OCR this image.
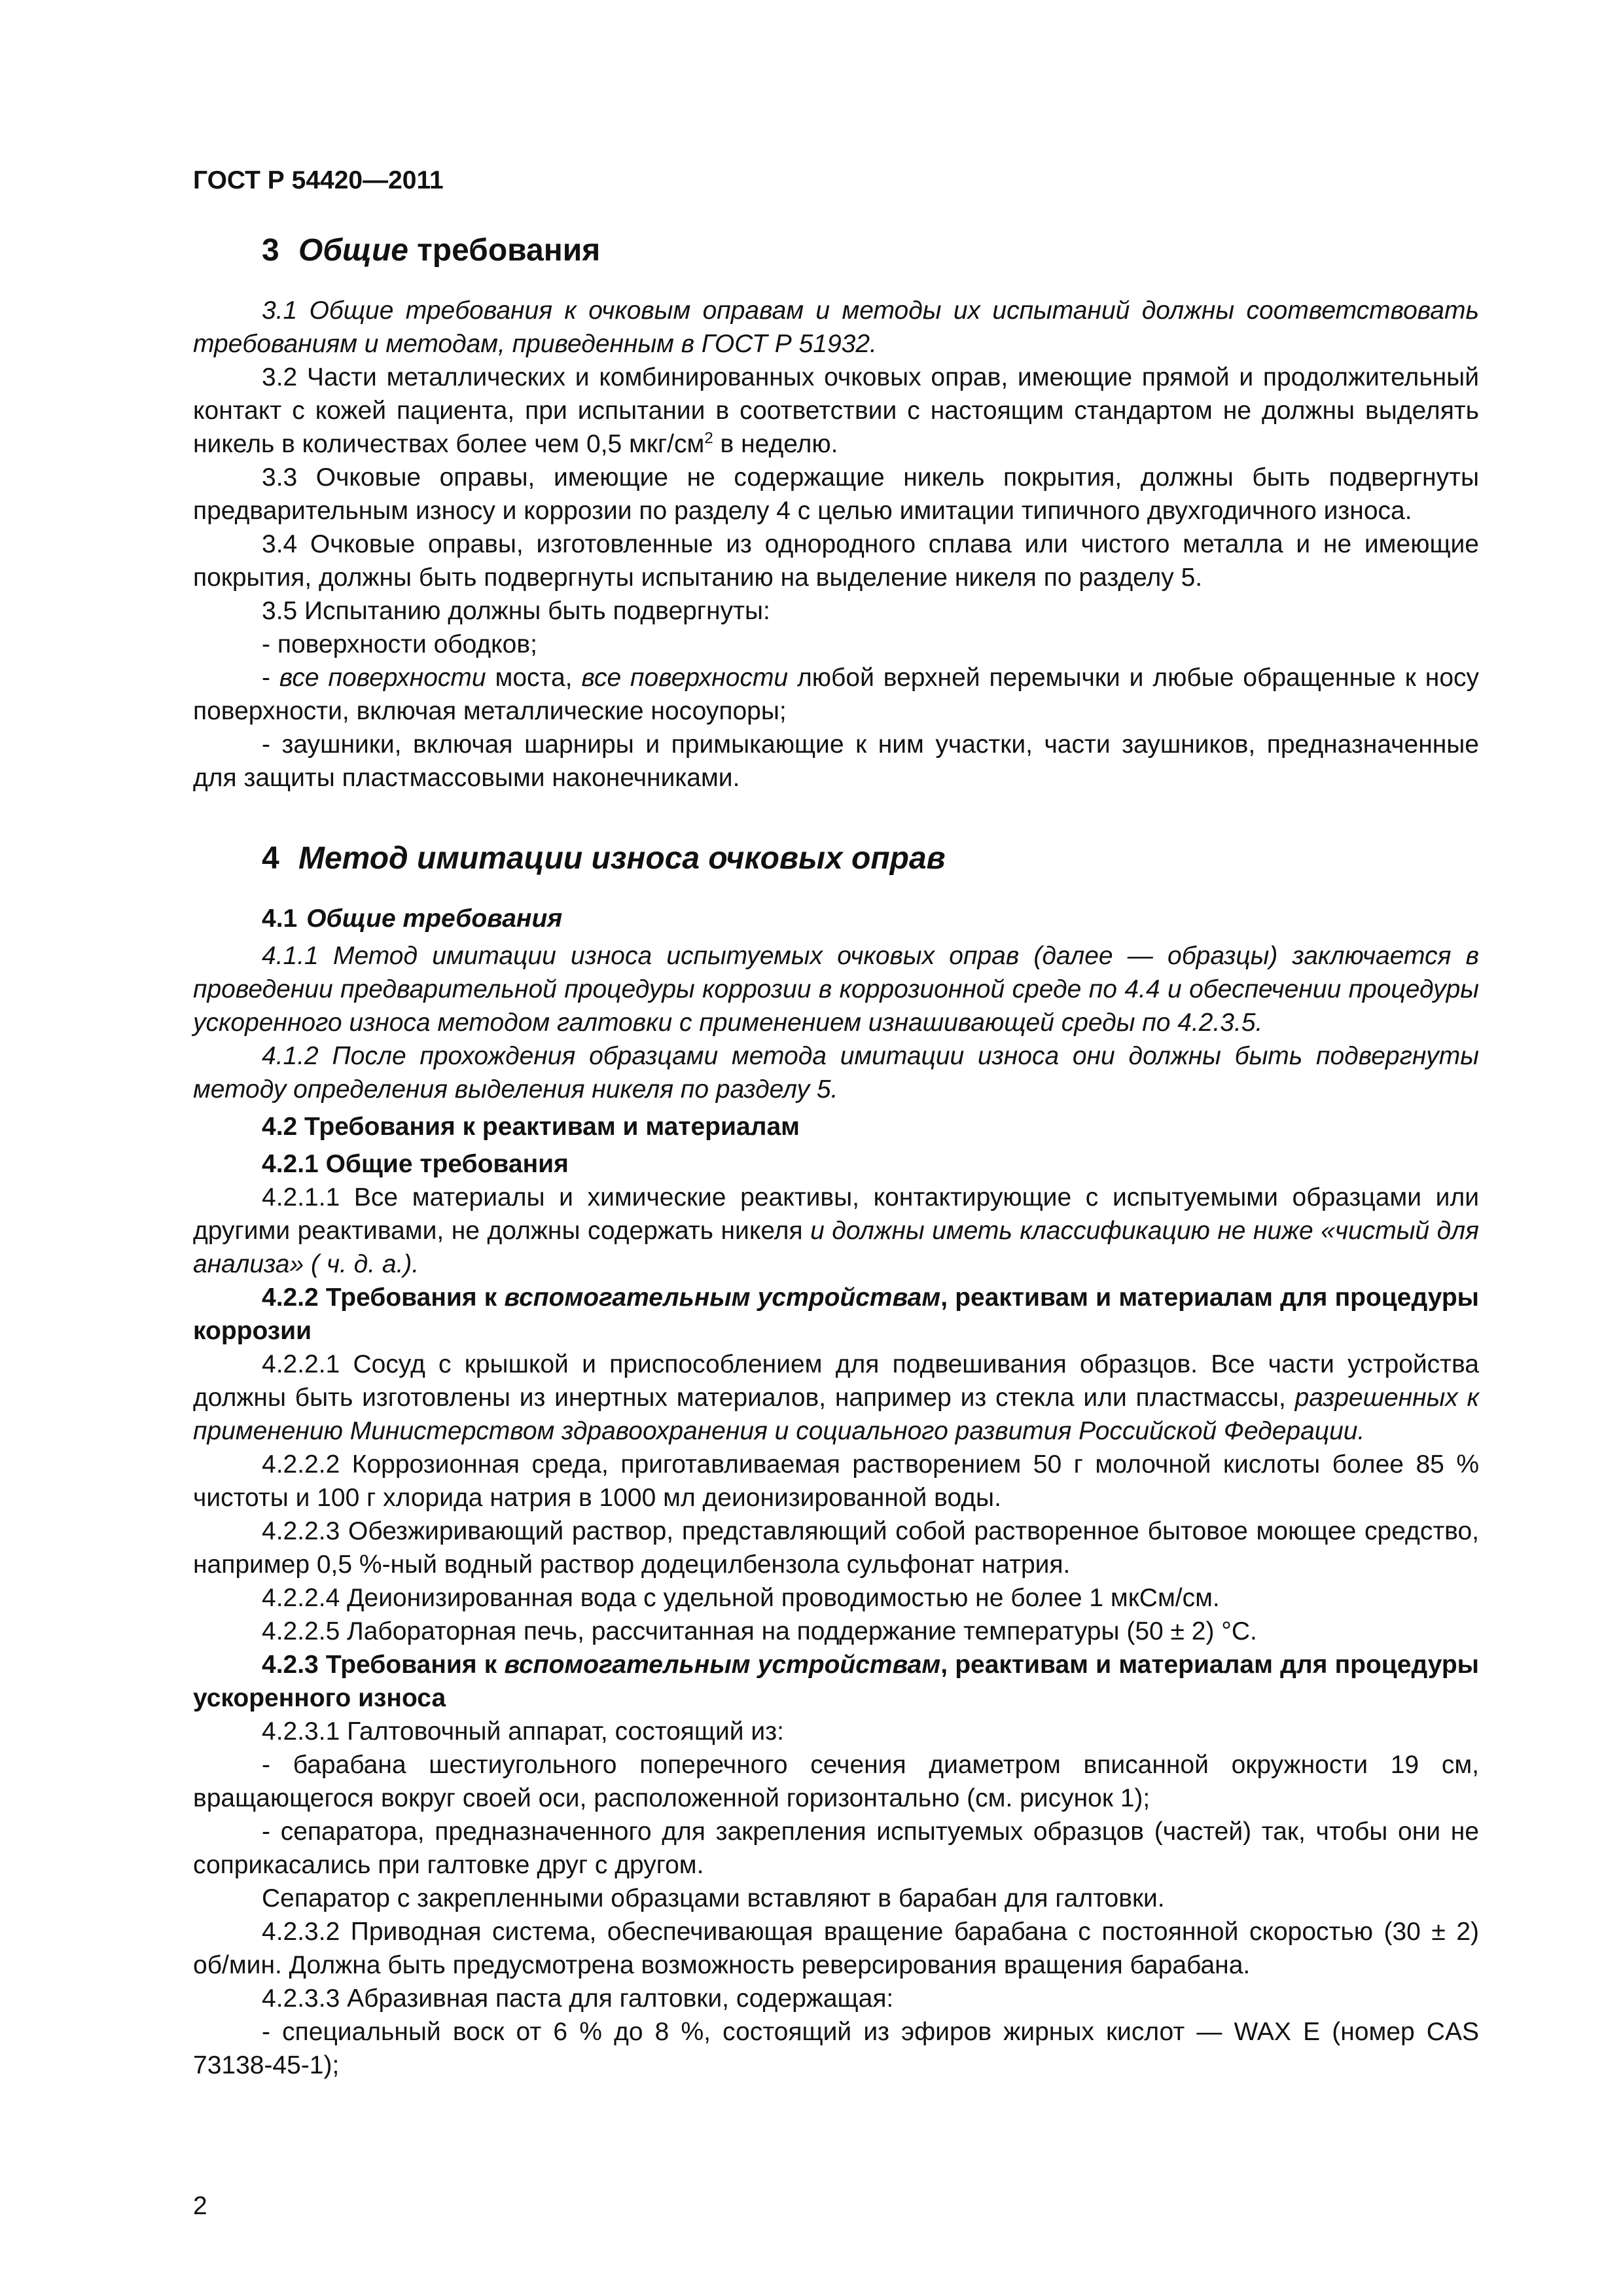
ГОСТ Р 54420—2011
3 Общие требования

3.1 Общие требования к очковым оправам и методы их испытаний должны соответствовать требованиям и методам, приведенным в ГОСТ Р 51932.

3.2 Части металлических и комбинированных очковых оправ, имеющие прямой и продолжительный контакт с кожей пациента, при испытании в соответствии с настоящим стандартом не должны выделять никель в количествах более чем 0,5 мкг/$см^2$ в неделю.

3.3 Очковые оправы, имеющие не содержащие никель покрытия, должны быть подвергнуты предварительным износу и коррозии по разделу 4 с целью имитации типичного двухгодичного износа.

3.4 Очковые оправы, изготовленные из однородного сплава или чистого металла и не имеющие покрытия, должны быть подвергнуты испытанию на выделение никеля по разделу 5.

3.5 Испытанию должны быть подвергнуты:

- поверхности ободков;

- все поверхности моста, все поверхности любой верхней перемычки и любые обращенные к носу поверхности, включая металлические носоупоры;

- заушники, включая шарниры и примыкающие к ним участки, части заушников, предназначенные для защиты пластмассовыми наконечниками.

4 Метод имитации износа очковых оправ
4.1 Общие требования

4.1.1 Метод имитации износа испытуемых очковых оправ (далее — образцы) заключается в проведении предварительной процедуры коррозии в коррозионной среде по 4.4 и обеспечении процедуры ускоренного износа методом галтовки с применением изнашивающей среды по 4.2.3.5.

4.1.2 После прохождения образцами метода имитации износа они должны быть подвергнуты методу определения выделения никеля по разделу 5.

4.2 Требования к реактивам и материалам

4.2.1 Общие требования

4.2.1.1 Все материалы и химические реактивы, контактирующие с испытуемыми образцами или другими реактивами, не должны содержать никеля и должны иметь классификацию не ниже «чистый для анализа» ( ч. д. а.).

4.2.2 Требования к вспомогательным устройствам, реактивам и материалам для процедуры коррозии

4.2.2.1 Сосуд с крышкой и приспособлением для подвешивания образцов. Все части устройства должны быть изготовлены из инертных материалов, например из стекла или пластмассы, разрешенных к применению Министерством здравоохранения и социального развития Российской Федерации.

4.2.2.2 Коррозионная среда, приготавливаемая растворением 50 г молочной кислоты более 85 % чистоты и 100 г хлорида натрия в 1000 мл деионизированной воды.

4.2.2.3 Обезжиривающий раствор, представляющий собой растворенное бытовое моющее средство, например 0,5 %-ный водный раствор додецилбензола сульфонат натрия.

4.2.2.4 Деионизированная вода с удельной проводимостью не более 1 мкСм/см.

4.2.2.5 Лабораторная печь, рассчитанная на поддержание температуры (50 ± 2) °С.

4.2.3 Требования к вспомогательным устройствам, реактивам и материалам для процедуры ускоренного износа

4.2.3.1 Галтовочный аппарат, состоящий из:

- барабана шестиугольного поперечного сечения диаметром вписанной окружности 19 см, вращающегося вокруг своей оси, расположенной горизонтально (см. рисунок 1);

- сепаратора, предназначенного для закрепления испытуемых образцов (частей) так, чтобы они не соприкасались при галтовке друг с другом.

Сепаратор с закрепленными образцами вставляют в барабан для галтовки.

4.2.3.2 Приводная система, обеспечивающая вращение барабана с постоянной скоростью (30 ± 2) об/мин. Должна быть предусмотрена возможность реверсирования вращения барабана.

4.2.3.3 Абразивная паста для галтовки, содержащая:

- специальный воск от 6 % до 8 %, состоящий из эфиров жирных кислот — WAX E (номер CAS 73138-45-1);

2
